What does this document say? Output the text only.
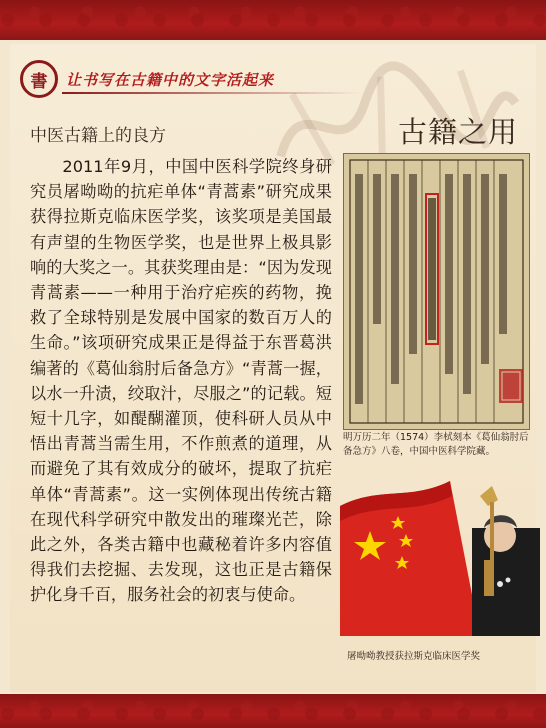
書 让书写在古籍中的文字活起来
古籍之用
中医古籍上的良方

2011年9月，中国中医科学院终身研究员屠呦呦的抗疟单体“青蒿素”研究成果获得拉斯克临床医学奖，该奖项是美国最有声望的生物医学奖，也是世界上极具影响的大奖之一。其获奖理由是：“因为发现青蒿素——一种用于治疗疟疾的药物，挽救了全球特别是发展中国家的数百万人的生命。”该项研究成果正是得益于东晋葛洪编著的《葛仙翁肘后备急方》“青蒿一握，以水一升渍，绞取汁，尽服之”的记载。短短十几字，如醍醐灌顶，使科研人员从中悟出青蒿当需生用，不作煎煮的道理，从而避免了其有效成分的破坏，提取了抗疟单体“青蒿素”。这一实例体现出传统古籍在现代科学研究中散发出的璀璨光芒，除此之外，各类古籍中也藏秘着许多内容值得我们去挖掘、去发现，这也正是古籍保护化身千百，服务社会的初衷与使命。

明万历二年（1574）李栻刻本《葛仙翁肘后备急方》八卷，中国中医科学院藏。
屠呦呦教授获拉斯克临床医学奖
